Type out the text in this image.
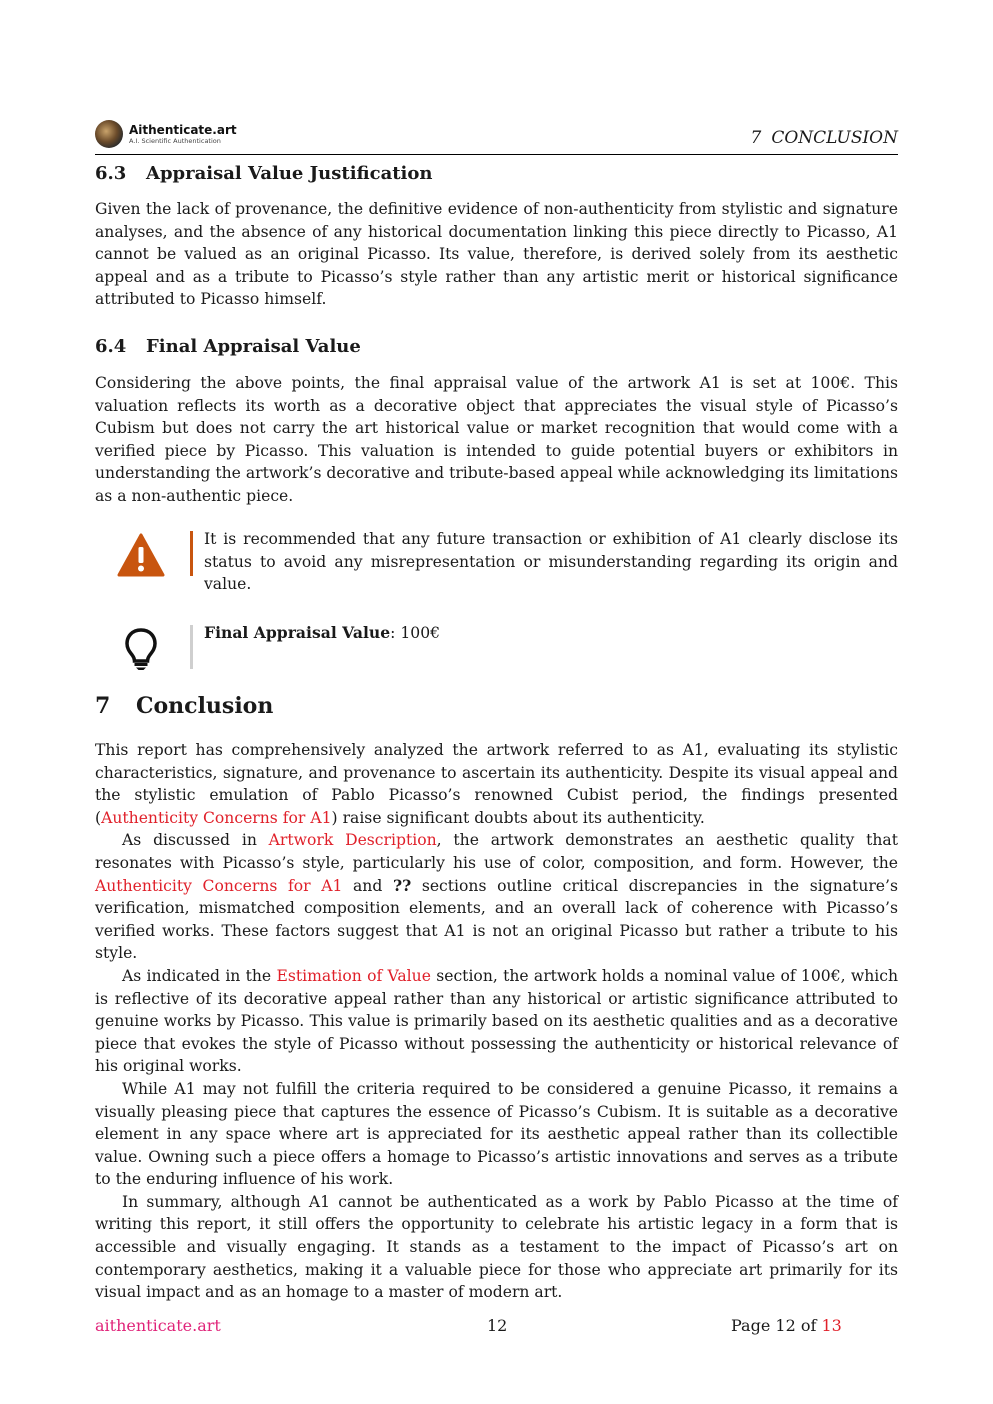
Aithenticate.art
A.I. Scientific Authentication	7 CONCLUSION
6.3 Appraisal Value Justification

Given the lack of provenance, the definitive evidence of non-authenticity from stylistic and signature analyses, and the absence of any historical documentation linking this piece directly to Picasso, A1 cannot be valued as an original Picasso. Its value, therefore, is derived solely from its aesthetic appeal and as a tribute to Picasso’s style rather than any artistic merit or historical significance attributed to Picasso himself.

6.4 Final Appraisal Value

Considering the above points, the final appraisal value of the artwork A1 is set at 100€. This valuation reflects its worth as a decorative object that appreciates the visual style of Picasso’s Cubism but does not carry the art historical value or market recognition that would come with a verified piece by Picasso. This valuation is intended to guide potential buyers or exhibitors in understanding the artwork’s decorative and tribute-based appeal while acknowledging its limitations as a non-authentic piece.

It is recommended that any future transaction or exhibition of A1 clearly disclose its status to avoid any misrepresentation or misunderstanding regarding its origin and value.
Final Appraisal Value: 100€
7 Conclusion
This report has comprehensively analyzed the artwork referred to as A1, evaluating its stylistic characteristics, signature, and provenance to ascertain its authenticity. Despite its visual appeal and the stylistic emulation of Pablo Picasso’s renowned Cubist period, the findings presented (Authenticity Concerns for A1) raise significant doubts about its authenticity.
As discussed in Artwork Description, the artwork demonstrates an aesthetic quality that resonates with Picasso’s style, particularly his use of color, composition, and form. However, the Authenticity Concerns for A1 and ?? sections outline critical discrepancies in the signature’s verification, mismatched composition elements, and an overall lack of coherence with Picasso’s verified works. These factors suggest that A1 is not an original Picasso but rather a tribute to his style.
As indicated in the Estimation of Value section, the artwork holds a nominal value of 100€, which is reflective of its decorative appeal rather than any historical or artistic significance attributed to genuine works by Picasso. This value is primarily based on its aesthetic qualities and as a decorative piece that evokes the style of Picasso without possessing the authenticity or historical relevance of his original works.
While A1 may not fulfill the criteria required to be considered a genuine Picasso, it remains a visually pleasing piece that captures the essence of Picasso’s Cubism. It is suitable as a decorative element in any space where art is appreciated for its aesthetic appeal rather than its collectible value. Owning such a piece offers a homage to Picasso’s artistic innovations and serves as a tribute to the enduring influence of his work.
In summary, although A1 cannot be authenticated as a work by Pablo Picasso at the time of writing this report, it still offers the opportunity to celebrate his artistic legacy in a form that is accessible and visually engaging. It stands as a testament to the impact of Picasso’s art on contemporary aesthetics, making it a valuable piece for those who appreciate art primarily for its visual impact and as an homage to a master of modern art.
aithenticate.art	12	Page 12 of 13
